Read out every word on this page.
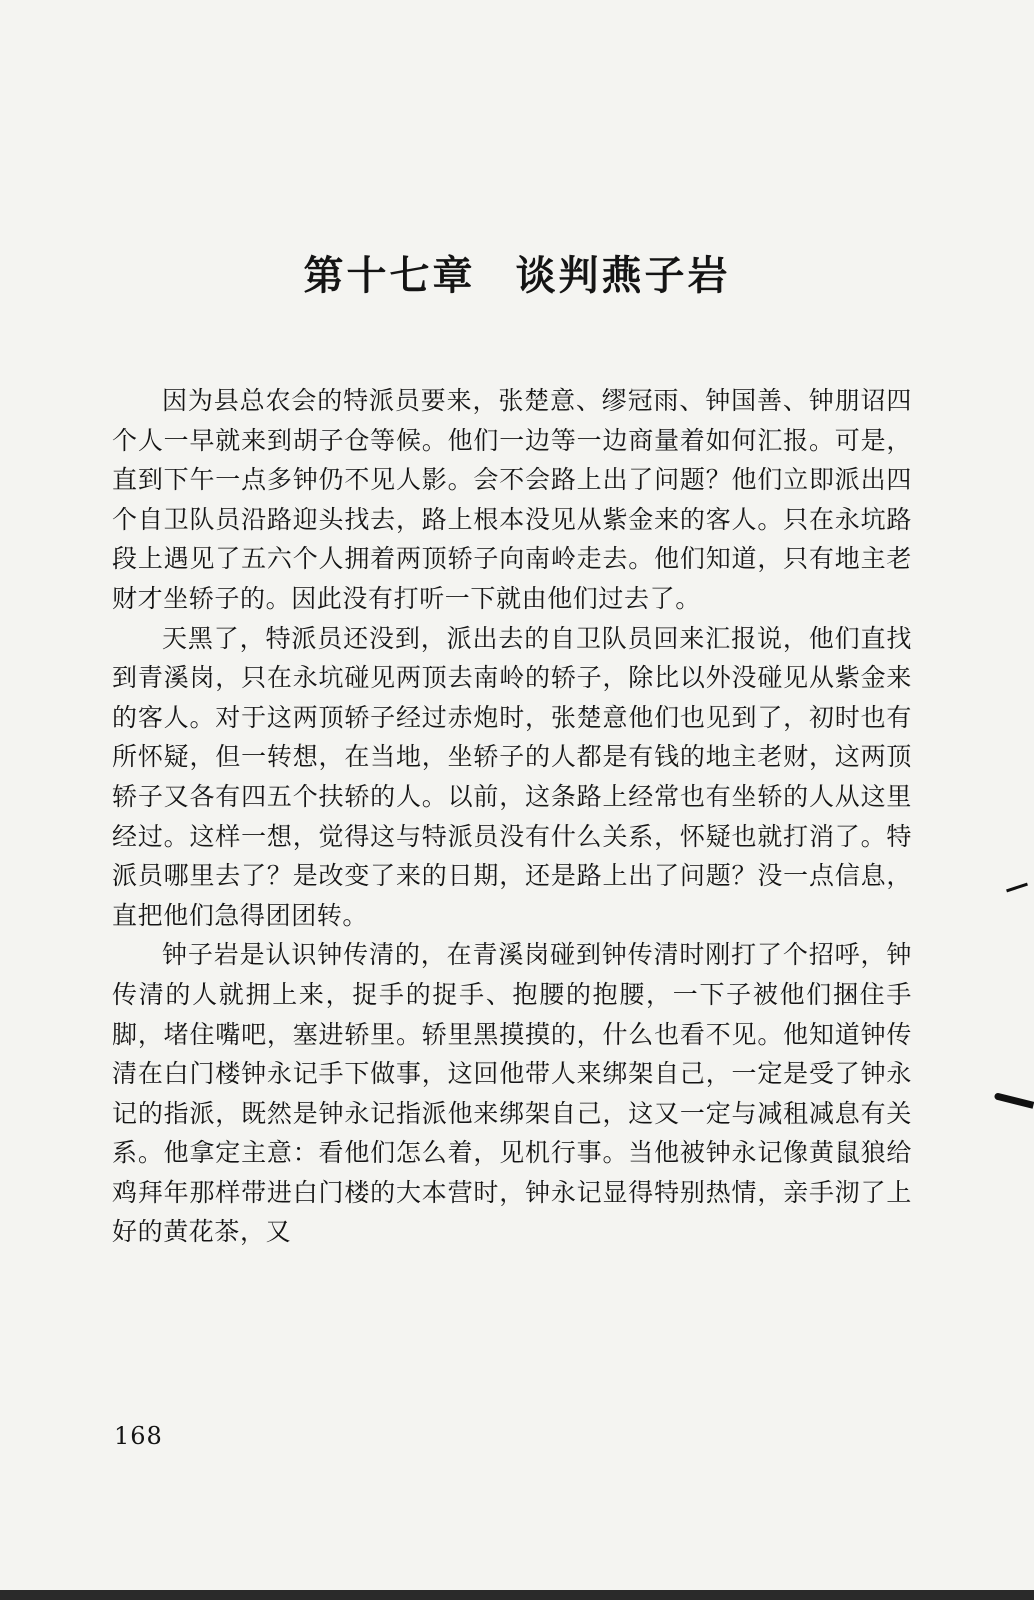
第十七章 谈判燕子岩

因为县总农会的特派员要来，张楚意、缪冠雨、钟国善、钟朋诏四个人一早就来到胡子仓等候。他们一边等一边商量着如何汇报。可是，直到下午一点多钟仍不见人影。会不会路上出了问题？他们立即派出四个自卫队员沿路迎头找去，路上根本没见从紫金来的客人。只在永坑路段上遇见了五六个人拥着两顶轿子向南岭走去。他们知道，只有地主老财才坐轿子的。因此没有打听一下就由他们过去了。

天黑了，特派员还没到，派出去的自卫队员回来汇报说，他们直找到青溪岗，只在永坑碰见两顶去南岭的轿子，除比以外没碰见从紫金来的客人。对于这两顶轿子经过赤炮时，张楚意他们也见到了，初时也有所怀疑，但一转想，在当地，坐轿子的人都是有钱的地主老财，这两顶轿子又各有四五个扶轿的人。以前，这条路上经常也有坐轿的人从这里经过。这样一想，觉得这与特派员没有什么关系，怀疑也就打消了。特派员哪里去了？是改变了来的日期，还是路上出了问题？没一点信息，直把他们急得团团转。

钟子岩是认识钟传清的，在青溪岗碰到钟传清时刚打了个招呼，钟传清的人就拥上来，捉手的捉手、抱腰的抱腰，一下子被他们捆住手脚，堵住嘴吧，塞进轿里。轿里黑摸摸的，什么也看不见。他知道钟传清在白门楼钟永记手下做事，这回他带人来绑架自己，一定是受了钟永记的指派，既然是钟永记指派他来绑架自己，这又一定与减租减息有关系。他拿定主意：看他们怎么着，见机行事。当他被钟永记像黄鼠狼给鸡拜年那样带进白门楼的大本营时，钟永记显得特别热情，亲手沏了上好的黄花茶，又

168
